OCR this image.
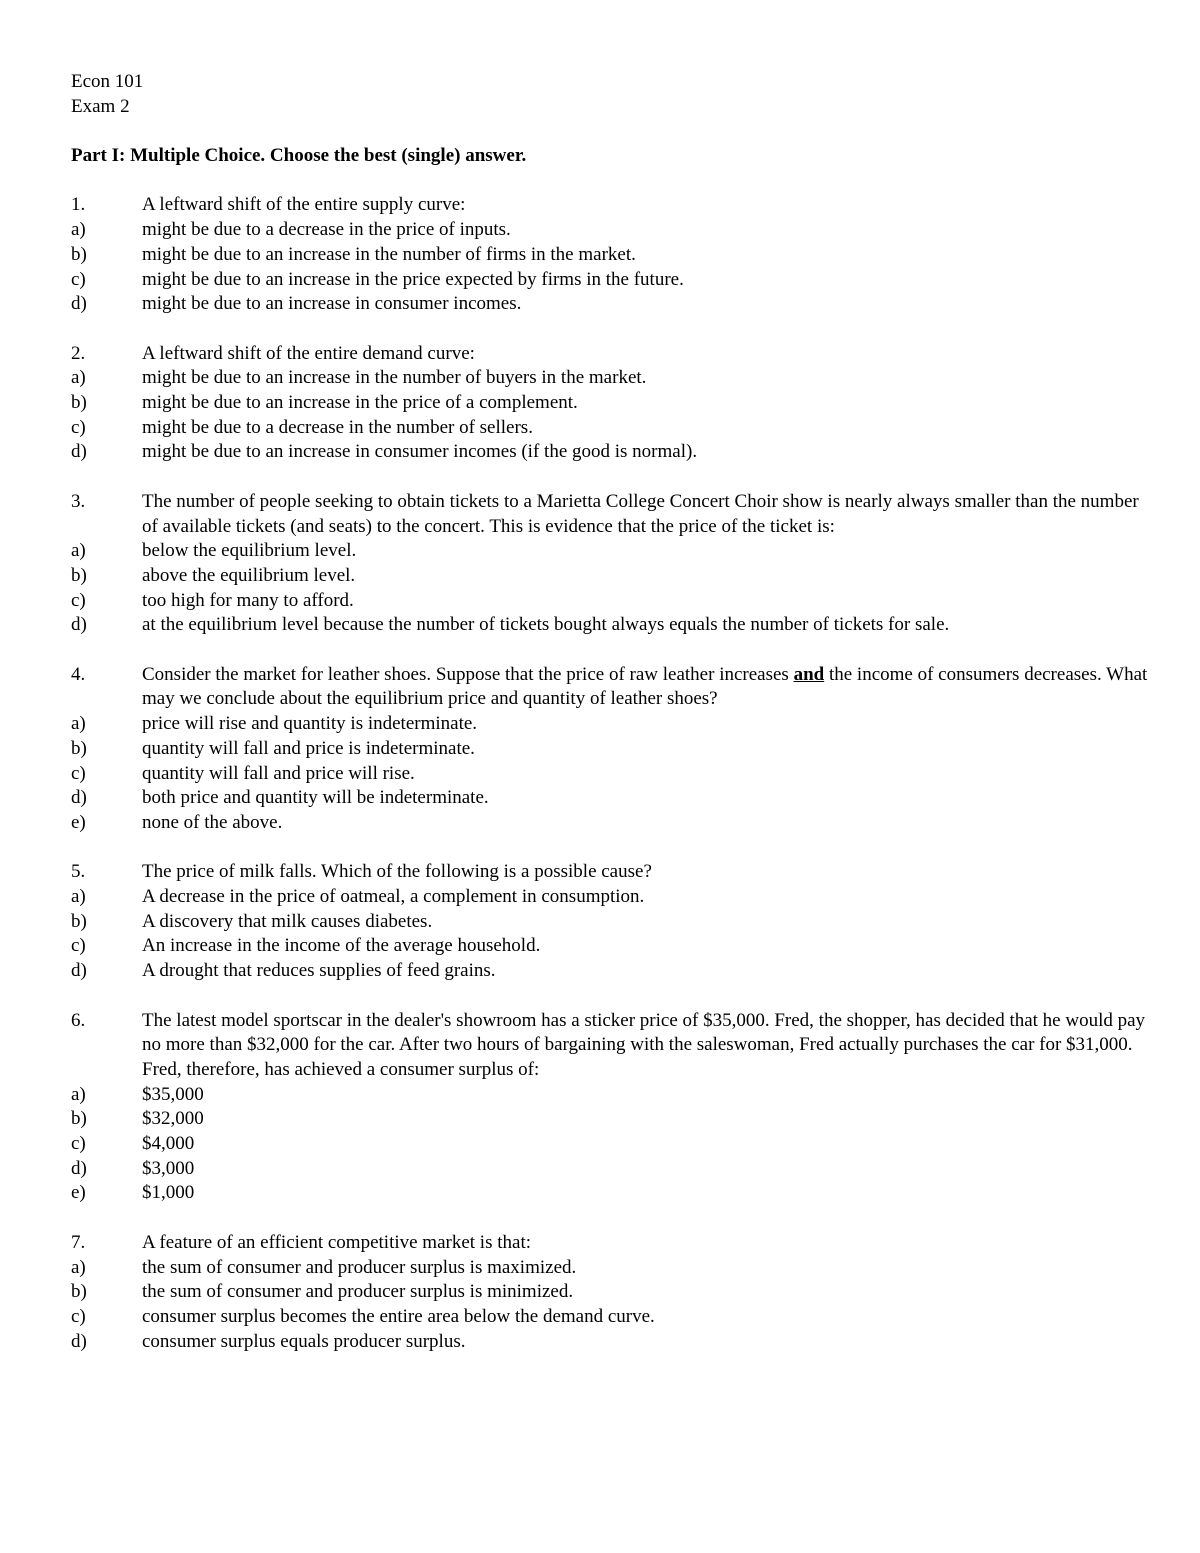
Econ 101
Exam 2
Part I: Multiple Choice. Choose the best (single) answer.
1.	A leftward shift of the entire supply curve:
a)	might be due to a decrease in the price of inputs.
b)	might be due to an increase in the number of firms in the market.
c)	might be due to an increase in the price expected by firms in the future.
d)	might be due to an increase in consumer incomes.
2.	A leftward shift of the entire demand curve:
a)	might be due to an increase in the number of buyers in the market.
b)	might be due to an increase in the price of a complement.
c)	might be due to a decrease in the number of sellers.
d)	might be due to an increase in consumer incomes (if the good is normal).
3.	The number of people seeking to obtain tickets to a Marietta College Concert Choir show is nearly always smaller than the number of available tickets (and seats) to the concert. This is evidence that the price of the ticket is:
a)	below the equilibrium level.
b)	above the equilibrium level.
c)	too high for many to afford.
d)	at the equilibrium level because the number of tickets bought always equals the number of tickets for sale.
4.	Consider the market for leather shoes. Suppose that the price of raw leather increases and the income of consumers decreases. What may we conclude about the equilibrium price and quantity of leather shoes?
a)	price will rise and quantity is indeterminate.
b)	quantity will fall and price is indeterminate.
c)	quantity will fall and price will rise.
d)	both price and quantity will be indeterminate.
e)	none of the above.
5.	The price of milk falls. Which of the following is a possible cause?
a)	A decrease in the price of oatmeal, a complement in consumption.
b)	A discovery that milk causes diabetes.
c)	An increase in the income of the average household.
d)	A drought that reduces supplies of feed grains.
6.	The latest model sportscar in the dealer's showroom has a sticker price of $35,000. Fred, the shopper, has decided that he would pay no more than $32,000 for the car. After two hours of bargaining with the saleswoman, Fred actually purchases the car for $31,000. Fred, therefore, has achieved a consumer surplus of:
a)	$35,000
b)	$32,000
c)	$4,000
d)	$3,000
e)	$1,000
7.	A feature of an efficient competitive market is that:
a)	the sum of consumer and producer surplus is maximized.
b)	the sum of consumer and producer surplus is minimized.
c)	consumer surplus becomes the entire area below the demand curve.
d)	consumer surplus equals producer surplus.
